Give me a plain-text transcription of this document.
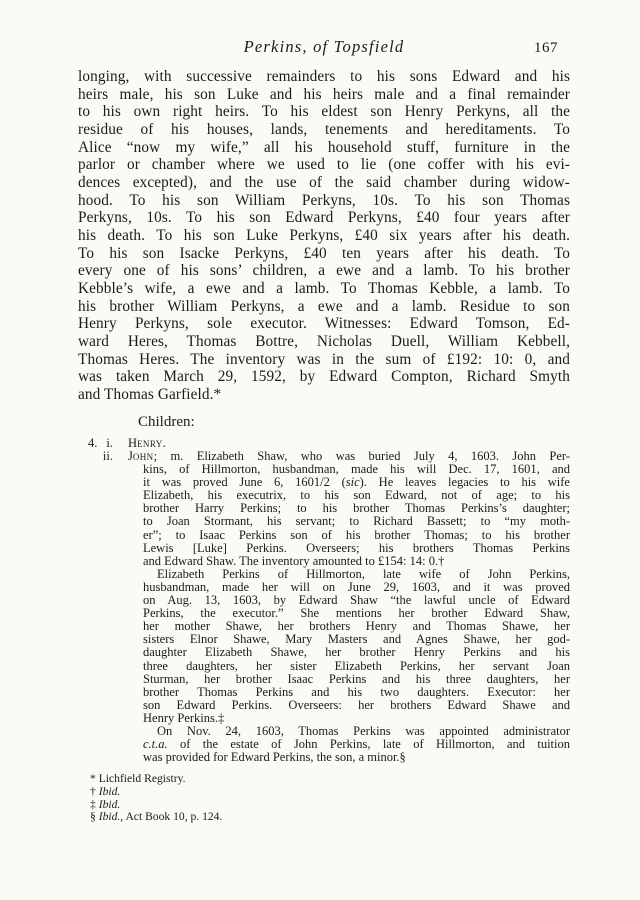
Perkins, of Topsfield	167
longing, with successive remainders to his sons Edward and his
heirs male, his son Luke and his heirs male and a final remainder
to his own right heirs. To his eldest son Henry Perkyns, all the
residue of his houses, lands, tenements and hereditaments. To
Alice “now my wife,” all his household stuff, furniture in the
parlor or chamber where we used to lie (one coffer with his evi-
dences excepted), and the use of the said chamber during widow-
hood. To his son William Perkyns, 10s. To his son Thomas
Perkyns, 10s. To his son Edward Perkyns, £40 four years after
his death. To his son Luke Perkyns, £40 six years after his death.
To his son Isacke Perkyns, £40 ten years after his death. To
every one of his sons’ children, a ewe and a lamb. To his brother
Kebble’s wife, a ewe and a lamb. To Thomas Kebble, a lamb. To
his brother William Perkyns, a ewe and a lamb. Residue to son
Henry Perkyns, sole executor. Witnesses: Edward Tomson, Ed-
ward Heres, Thomas Bottre, Nicholas Duell, William Kebbell,
Thomas Heres. The inventory was in the sum of £192: 10: 0, and
was taken March 29, 1592, by Edward Compton, Richard Smyth
and Thomas Garfield.*
Children:
4. i. Henry.
ii. John; m. Elizabeth Shaw, who was buried July 4, 1603. John Per-
kins, of Hillmorton, husbandman, made his will Dec. 17, 1601, and
it was proved June 6, 1601/2 (sic). He leaves legacies to his wife
Elizabeth, his executrix, to his son Edward, not of age; to his
brother Harry Perkins; to his brother Thomas Perkins’s daughter;
to Joan Stormant, his servant; to Richard Bassett; to “my moth-
er”; to Isaac Perkins son of his brother Thomas; to his brother
Lewis [Luke] Perkins. Overseers; his brothers Thomas Perkins
and Edward Shaw. The inventory amounted to £154: 14: 0.†
Elizabeth Perkins of Hillmorton, late wife of John Perkins,
husbandman, made her will on June 29, 1603, and it was proved
on Aug. 13, 1603, by Edward Shaw “the lawful uncle of Edward
Perkins, the executor.” She mentions her brother Edward Shaw,
her mother Shawe, her brothers Henry and Thomas Shawe, her
sisters Elnor Shawe, Mary Masters and Agnes Shawe, her god-
daughter Elizabeth Shawe, her brother Henry Perkins and his
three daughters, her sister Elizabeth Perkins, her servant Joan
Sturman, her brother Isaac Perkins and his three daughters, her
brother Thomas Perkins and his two daughters. Executor: her
son Edward Perkins. Overseers: her brothers Edward Shawe and
Henry Perkins.‡
On Nov. 24, 1603, Thomas Perkins was appointed administrator
c.t.a. of the estate of John Perkins, late of Hillmorton, and tuition
was provided for Edward Perkins, the son, a minor.§
* Lichfield Registry.
† Ibid.
‡ Ibid.
§ Ibid., Act Book 10, p. 124.
